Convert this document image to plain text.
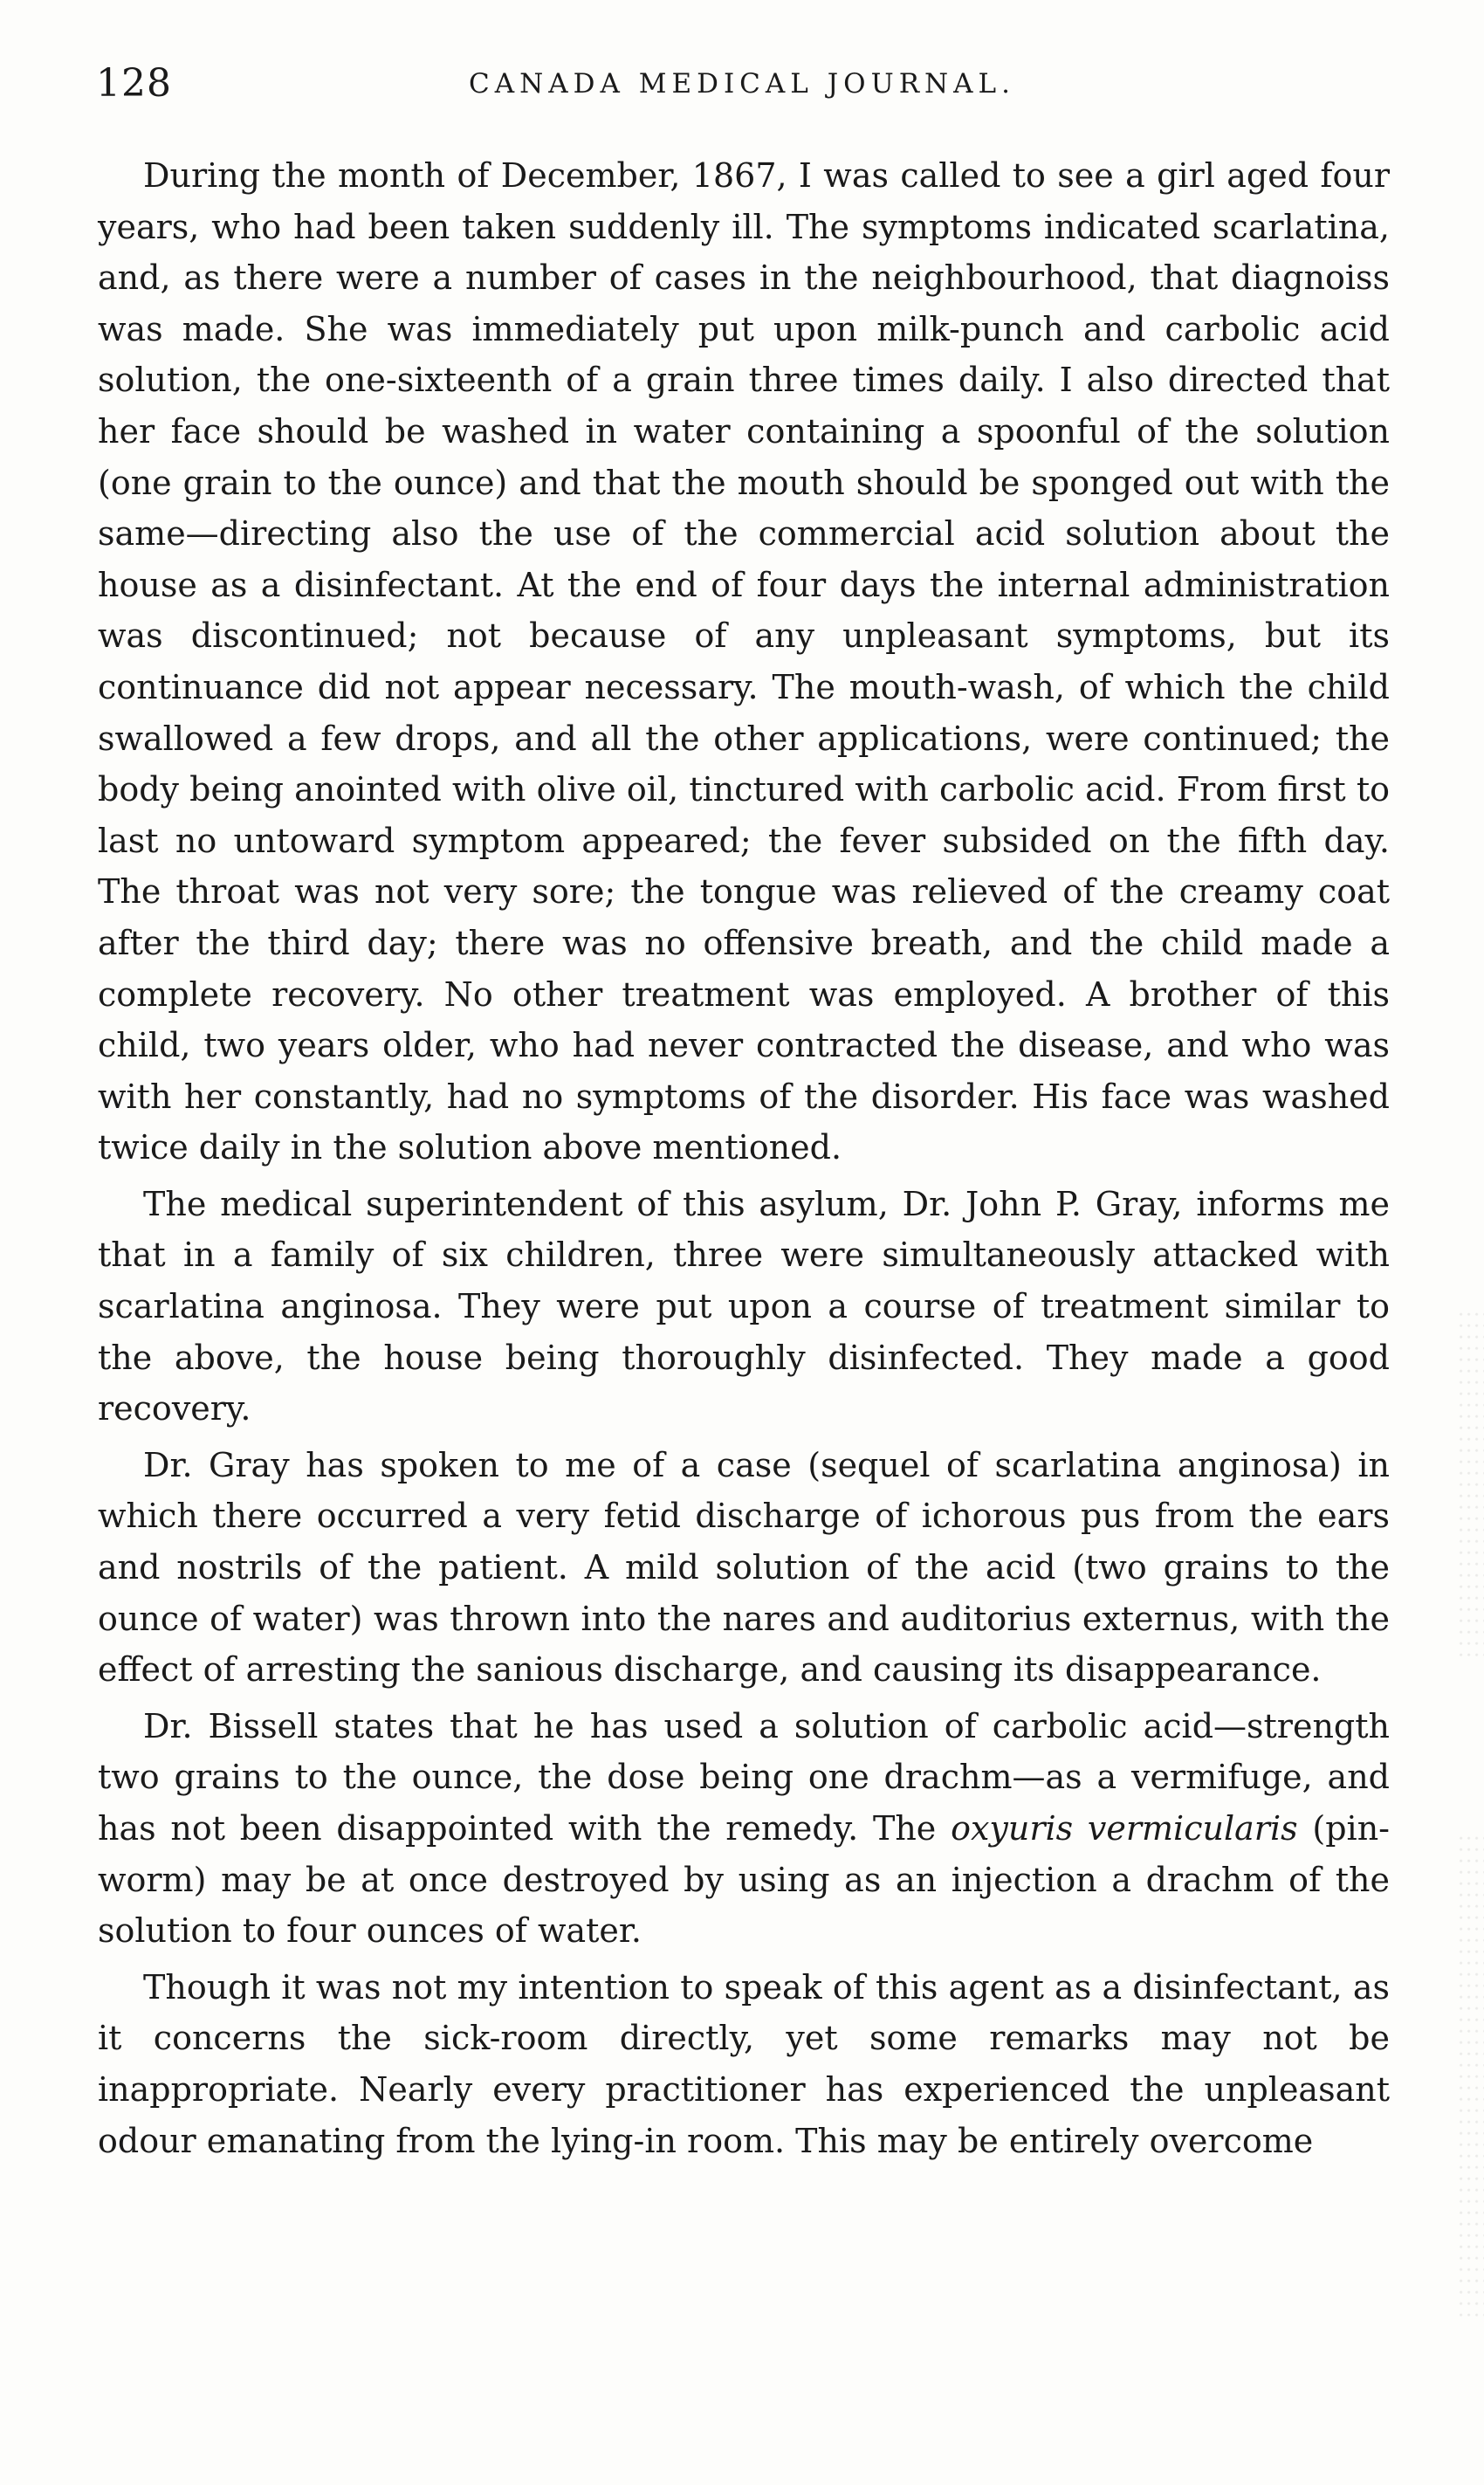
128	CANADA MEDICAL JOURNAL.

During the month of December, 1867, I was called to see a girl aged four years, who had been taken suddenly ill. The symptoms indicated scarlatina, and, as there were a number of cases in the neighbourhood, that diagnoiss was made. She was immediately put upon milk-punch and carbolic acid solution, the one-sixteenth of a grain three times daily. I also directed that her face should be washed in water containing a spoonful of the solution (one grain to the ounce) and that the mouth should be sponged out with the same—directing also the use of the commercial acid solution about the house as a disinfectant. At the end of four days the internal administration was discontinued; not because of any unpleasant symptoms, but its continuance did not appear necessary. The mouth-wash, of which the child swallowed a few drops, and all the other applications, were continued; the body being anointed with olive oil, tinctured with carbolic acid. From first to last no untoward symptom appeared; the fever subsided on the fifth day. The throat was not very sore; the tongue was relieved of the creamy coat after the third day; there was no offensive breath, and the child made a complete recovery. No other treatment was employed. A brother of this child, two years older, who had never contracted the disease, and who was with her constantly, had no symptoms of the disorder. His face was washed twice daily in the solution above mentioned.

The medical superintendent of this asylum, Dr. John P. Gray, informs me that in a family of six children, three were simultaneously attacked with scarlatina anginosa. They were put upon a course of treatment similar to the above, the house being thoroughly disinfected. They made a good recovery.

Dr. Gray has spoken to me of a case (sequel of scarlatina anginosa) in which there occurred a very fetid discharge of ichorous pus from the ears and nostrils of the patient. A mild solution of the acid (two grains to the ounce of water) was thrown into the nares and auditorius externus, with the effect of arresting the sanious discharge, and causing its disappearance.

Dr. Bissell states that he has used a solution of carbolic acid—strength two grains to the ounce, the dose being one drachm—as a vermifuge, and has not been disappointed with the remedy. The oxyuris vermicularis (pin-worm) may be at once destroyed by using as an injection a drachm of the solution to four ounces of water.

Though it was not my intention to speak of this agent as a disinfectant, as it concerns the sick-room directly, yet some remarks may not be inappropriate. Nearly every practitioner has experienced the unpleasant odour emanating from the lying-in room. This may be entirely overcome
